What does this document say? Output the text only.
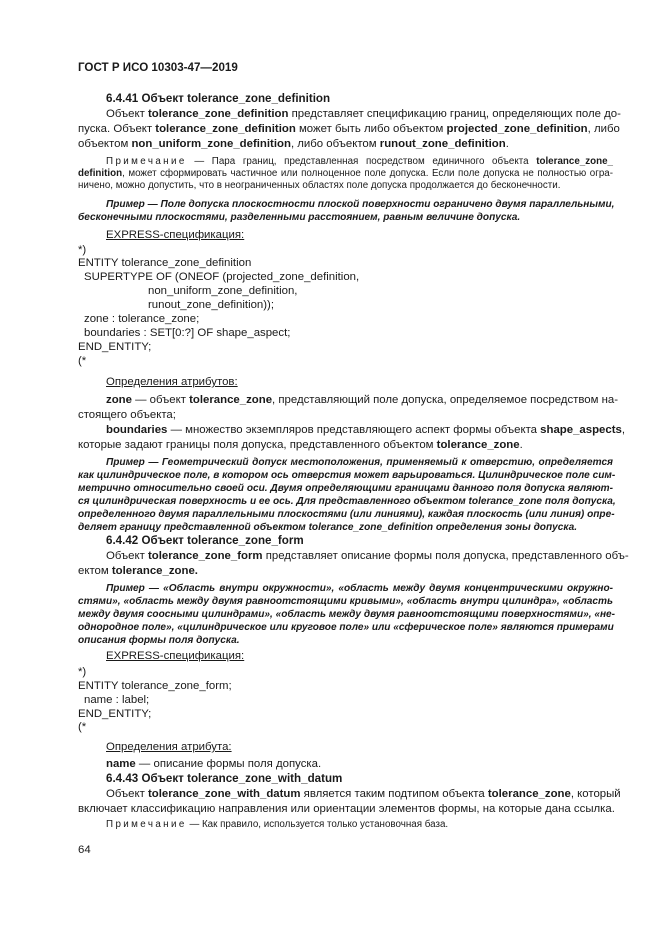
ГОСТ Р ИСО 10303-47—2019
6.4.41 Объект tolerance_zone_definition
Объект tolerance_zone_definition представляет спецификацию границ, определяющих поле до-
пуска. Объект tolerance_zone_definition может быть либо объектом projected_zone_definition, либо
объектом non_uniform_zone_definition, либо объектом runout_zone_definition.
Примечание — Пара границ, представленная посредством единичного объекта tolerance_zone_
definition, может сформировать частичное или полноценное поле допуска. Если поле допуска не полностью огра-
ничено, можно допустить, что в неограниченных областях поле допуска продолжается до бесконечности.
Пример — Поле допуска плоскостности плоской поверхности ограничено двумя параллельными,
бесконечными плоскостями, разделенными расстоянием, равным величине допуска.
EXPRESS-спецификация:
*)
ENTITY tolerance_zone_definition
SUPERTYPE OF (ONEOF (projected_zone_definition,
non_uniform_zone_definition,
runout_zone_definition));
zone : tolerance_zone;
boundaries : SET[0:?] OF shape_aspect;
END_ENTITY;
(*
Определения атрибутов:
zone — объект tolerance_zone, представляющий поле допуска, определяемое посредством на-
стоящего объекта;
boundaries — множество экземпляров представляющего аспект формы объекта shape_aspects,
которые задают границы поля допуска, представленного объектом tolerance_zone.
Пример — Геометрический допуск местоположения, применяемый к отверстию, определяется
как цилиндрическое поле, в котором ось отверстия может варьироваться. Цилиндрическое поле сим-
метрично относительно своей оси. Двумя определяющими границами данного поля допуска являют-
ся цилиндрическая поверхность и ее ось. Для представленного объектом tolerance_zone поля допуска,
определенного двумя параллельными плоскостями (или линиями), каждая плоскость (или линия) опре-
деляет границу представленной объектом tolerance_zone_definition определения зоны допуска.
6.4.42 Объект tolerance_zone_form
Объект tolerance_zone_form представляет описание формы поля допуска, представленного объ-
ектом tolerance_zone.
Пример — «Область внутри окружности», «область между двумя концентрическими окружно-
стями», «область между двумя равноотстоящими кривыми», «область внутри цилиндра», «область
между двумя соосными цилиндрами», «область между двумя равноотстоящими поверхностями», «не-
однородное поле», «цилиндрическое или круговое поле» или «сферическое поле» являются примерами
описания формы поля допуска.
EXPRESS-спецификация:
*)
ENTITY tolerance_zone_form;
name : label;
END_ENTITY;
(*
Определения атрибута:
name — описание формы поля допуска.
6.4.43 Объект tolerance_zone_with_datum
Объект tolerance_zone_with_datum является таким подтипом объекта tolerance_zone, который
включает классификацию направления или ориентации элементов формы, на которые дана ссылка.
Примечание — Как правило, используется только установочная база.
64
